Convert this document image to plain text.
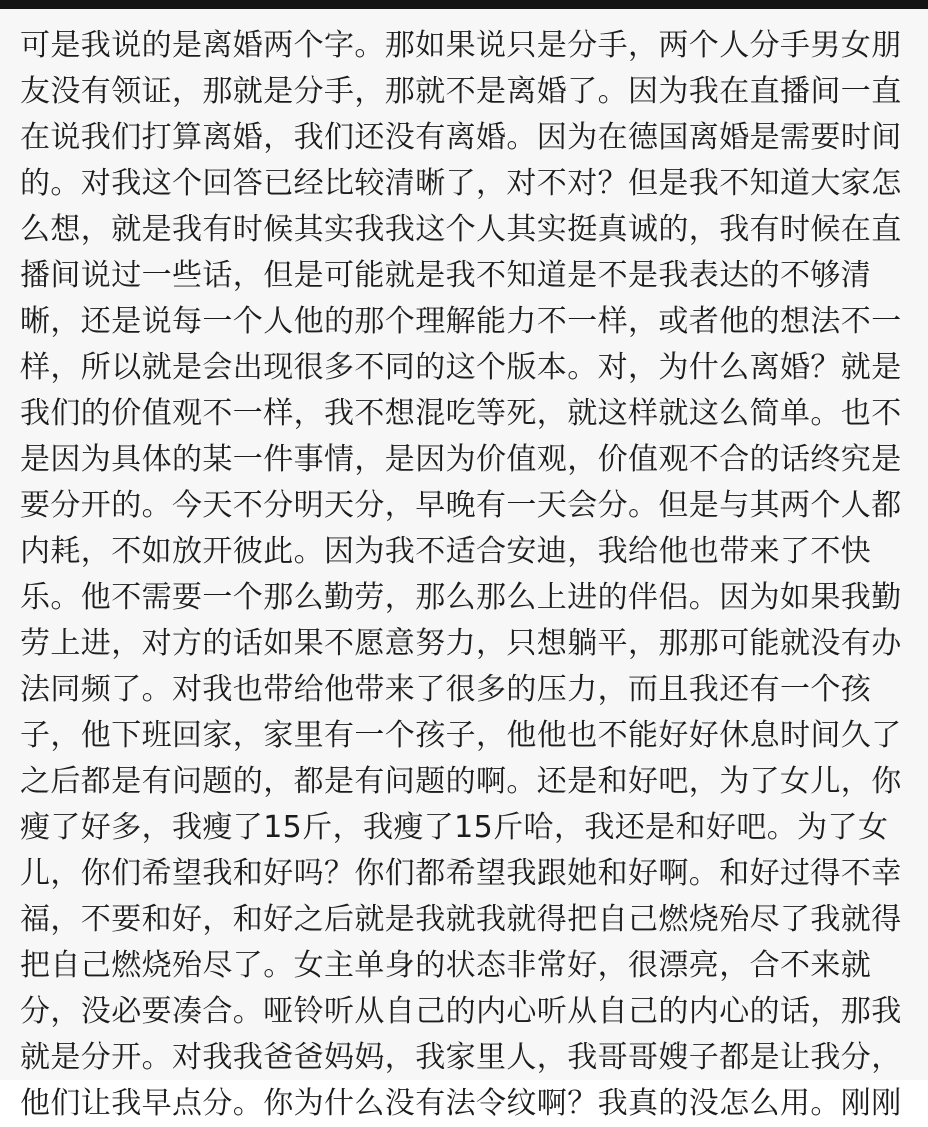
可是我说的是离婚两个字。那如果说只是分手，两个人分手男女朋
友没有领证，那就是分手，那就不是离婚了。因为我在直播间一直
在说我们打算离婚，我们还没有离婚。因为在德国离婚是需要时间
的。对我这个回答已经比较清晰了，对不对？但是我不知道大家怎
么想，就是我有时候其实我我这个人其实挺真诚的，我有时候在直
播间说过一些话，但是可能就是我不知道是不是我表达的不够清
晰，还是说每一个人他的那个理解能力不一样，或者他的想法不一
样，所以就是会出现很多不同的这个版本。对，为什么离婚？就是
我们的价值观不一样，我不想混吃等死，就这样就这么简单。也不
是因为具体的某一件事情，是因为价值观，价值观不合的话终究是
要分开的。今天不分明天分，早晚有一天会分。但是与其两个人都
内耗，不如放开彼此。因为我不适合安迪，我给他也带来了不快
乐。他不需要一个那么勤劳，那么那么上进的伴侣。因为如果我勤
劳上进，对方的话如果不愿意努力，只想躺平，那那可能就没有办
法同频了。对我也带给他带来了很多的压力，而且我还有一个孩
子，他下班回家，家里有一个孩子，他他也不能好好休息时间久了
之后都是有问题的，都是有问题的啊。还是和好吧，为了女儿，你
瘦了好多，我瘦了15斤，我瘦了15斤哈，我还是和好吧。为了女
儿，你们希望我和好吗？你们都希望我跟她和好啊。和好过得不幸
福，不要和好，和好之后就是我就我就得把自己燃烧殆尽了我就得
把自己燃烧殆尽了。女主单身的状态非常好，很漂亮，合不来就
分，没必要凑合。哑铃听从自己的内心听从自己的内心的话，那我
就是分开。对我我爸爸妈妈，我家里人，我哥哥嫂子都是让我分，
他们让我早点分。你为什么没有法令纹啊？我真的没怎么用。刚刚
